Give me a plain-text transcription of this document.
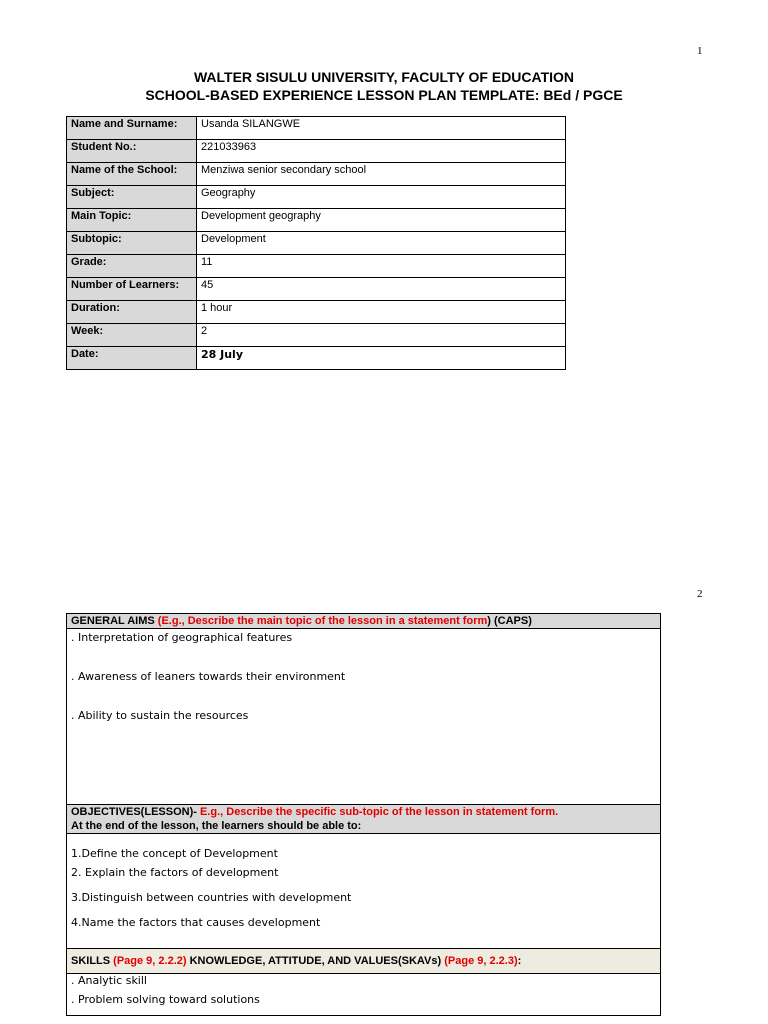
1
WALTER SISULU UNIVERSITY, FACULTY OF EDUCATION
SCHOOL-BASED EXPERIENCE LESSON PLAN TEMPLATE: BEd / PGCE
Name and Surname:	Usanda SILANGWE
Student No.:	221033963
Name of the School:	Menziwa senior secondary school
Subject:	Geography
Main Topic:	Development geography
Subtopic:	Development
Grade:	11
Number of Learners:	45
Duration:	1 hour
Week:	2
Date:	28 July
2
GENERAL AIMS (E.g., Describe the main topic of the lesson in a statement form) (CAPS)
. Interpretation of geographical features
. Awareness of leaners towards their environment
. Ability to sustain the resources
OBJECTIVES(LESSON)- E.g., Describe the specific sub-topic of the lesson in statement form.
At the end of the lesson, the learners should be able to:
1.Define the concept of Development
2. Explain the factors of development
3.Distinguish between countries with development
4.Name the factors that causes development
SKILLS (Page 9, 2.2.2) KNOWLEDGE, ATTITUDE, AND VALUES(SKAVs) (Page 9, 2.2.3):
. Analytic skill
. Problem solving toward solutions
